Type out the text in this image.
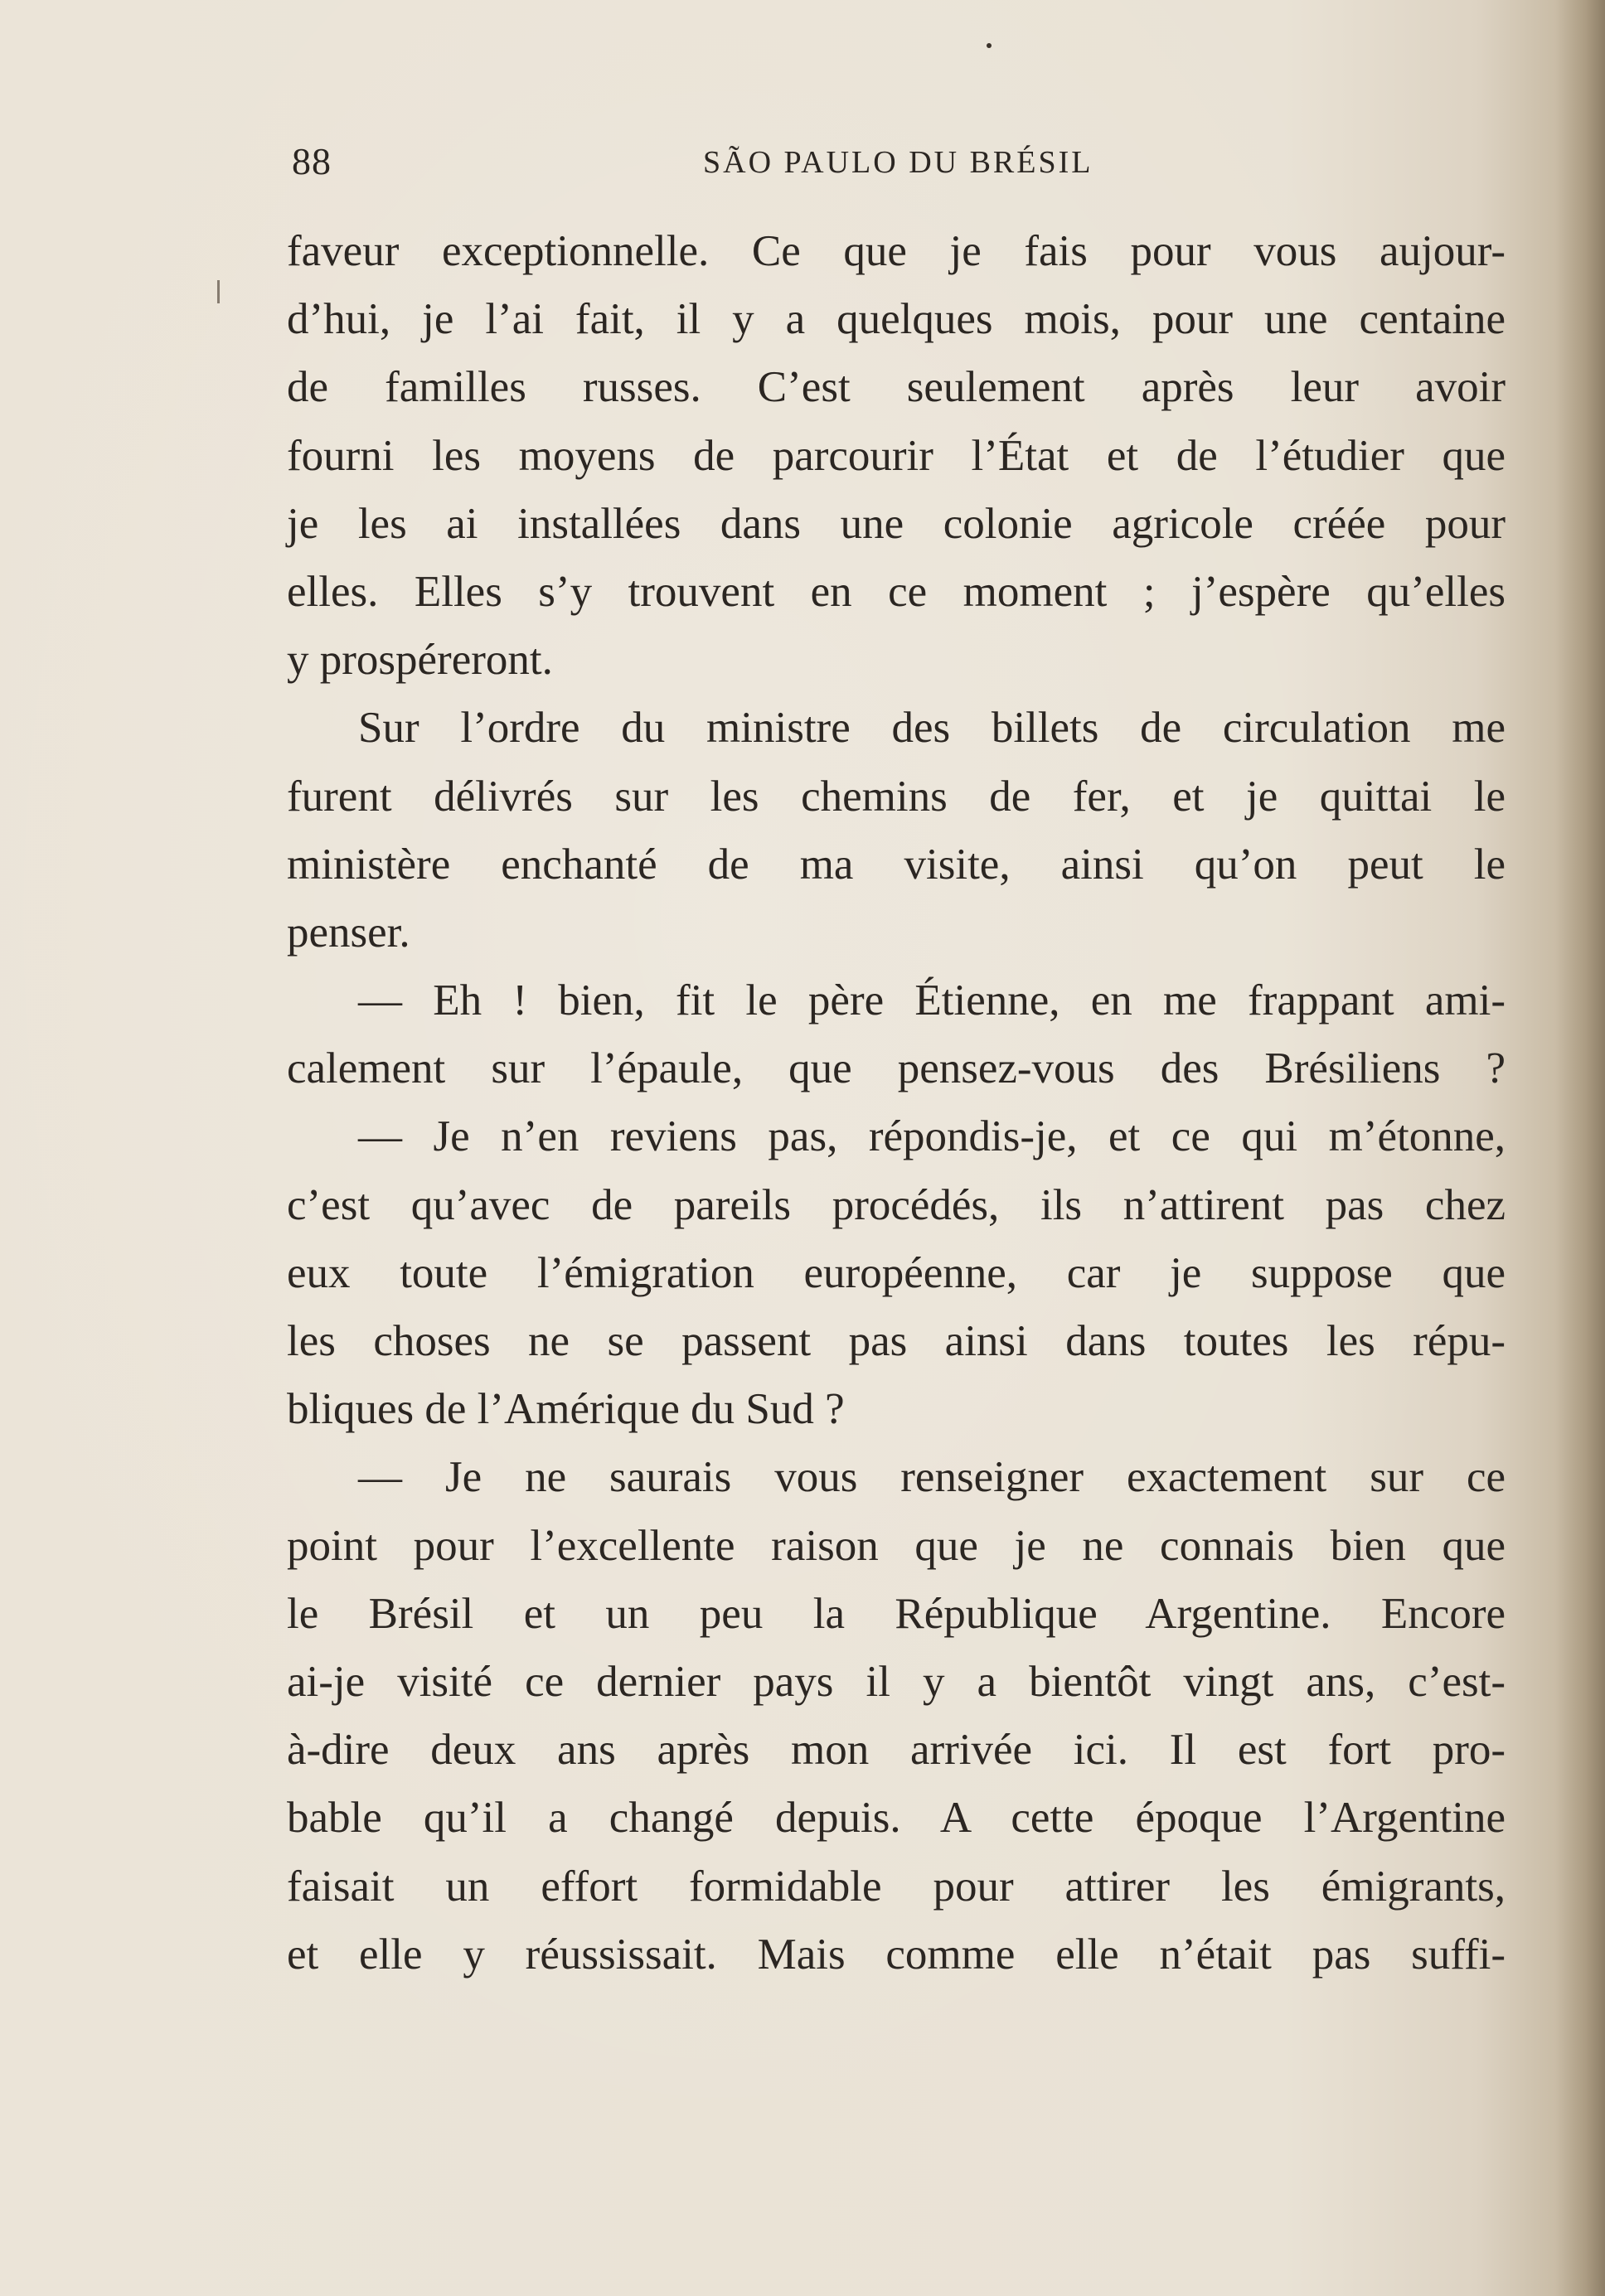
88	SÃO PAULO DU BRÉSIL
faveur exceptionnelle. Ce que je fais pour vous aujour-
d’hui, je l’ai fait, il y a quelques mois, pour une centaine
de familles russes. C’est seulement après leur avoir
fourni les moyens de parcourir l’État et de l’étudier que
je les ai installées dans une colonie agricole créée pour
elles. Elles s’y trouvent en ce moment ; j’espère qu’elles
y prospéreront.
Sur l’ordre du ministre des billets de circulation me
furent délivrés sur les chemins de fer, et je quittai le
ministère enchanté de ma visite, ainsi qu’on peut le
penser.
— Eh ! bien, fit le père Étienne, en me frappant ami-
calement sur l’épaule, que pensez-vous des Brésiliens ?
— Je n’en reviens pas, répondis-je, et ce qui m’étonne,
c’est qu’avec de pareils procédés, ils n’attirent pas chez
eux toute l’émigration européenne, car je suppose que
les choses ne se passent pas ainsi dans toutes les répu-
bliques de l’Amérique du Sud ?
— Je ne saurais vous renseigner exactement sur ce
point pour l’excellente raison que je ne connais bien que
le Brésil et un peu la République Argentine. Encore
ai-je visité ce dernier pays il y a bientôt vingt ans, c’est-
à-dire deux ans après mon arrivée ici. Il est fort pro-
bable qu’il a changé depuis. A cette époque l’Argentine
faisait un effort formidable pour attirer les émigrants,
et elle y réussissait. Mais comme elle n’était pas suffi-
